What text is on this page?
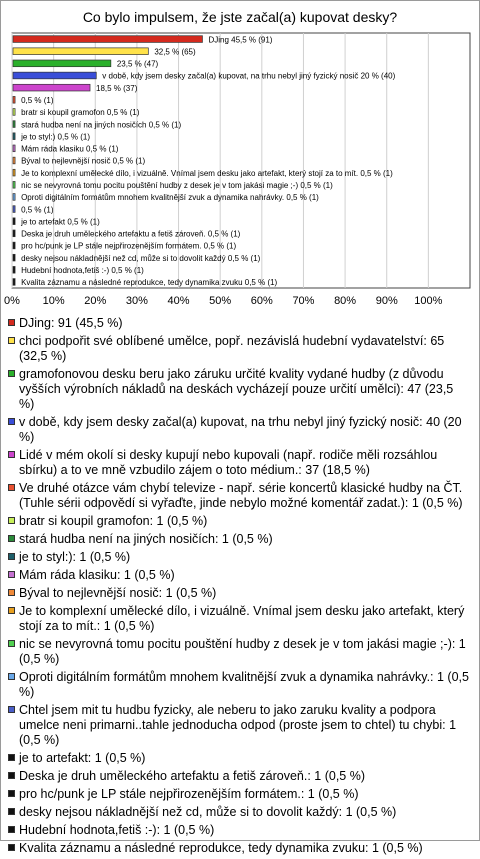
Co bylo impulsem, že jste začal(a) kupovat desky?
0% 10% 20% 30% 40% 50% 60% 70% 80% 90% 100%
DJing 45,5 % (91)
32,5 % (65)
23,5 % (47)
v době, kdy jsem desky začal(a) kupovat, na trhu nebyl jiný fyzický nosič 20 % (40)
18,5 % (37)
0,5 % (1)
bratr si koupil gramofon 0,5 % (1)
stará hudba není na jiných nosičích 0,5 % (1)
je to styl:) 0,5 % (1)
Mám ráda klasiku 0,5 % (1)
Býval to nejlevnější nosič 0,5 % (1)
Je to komplexní umělecké dílo, i vizuálně. Vnímal jsem desku jako artefakt, který stojí za to mít. 0,5 % (1)
nic se nevyrovná tomu pocitu pouštění hudby z desek je v tom jakási magie ;-) 0,5 % (1)
Oproti digitálním formátům mnohem kvalitnější zvuk a dynamika nahrávky. 0,5 % (1)
0,5 % (1)
je to artefakt 0,5 % (1)
Deska je druh uměleckého artefaktu a fetiš zároveň. 0,5 % (1)
pro hc/punk je LP stále nejpřirozenějším formátem. 0,5 % (1)
desky nejsou nákladnější než cd, může si to dovolit každý 0,5 % (1)
Hudební hodnota,fetiš :-) 0,5 % (1)
Kvalita záznamu a následné reprodukce, tedy dynamika zvuku 0,5 % (1)
DJing: 91 (45,5 %)
chci podpořit své oblíbené umělce, popř. nezávislá hudební vydavatelství: 65 (32,5 %)
gramofonovou desku beru jako záruku určité kvality vydané hudby (z důvodu vyšších výrobních nákladů na deskách vycházejí pouze určití umělci): 47 (23,5 %)
v době, kdy jsem desky začal(a) kupovat, na trhu nebyl jiný fyzický nosič: 40 (20 %)
Lidé v mém okolí si desky kupují nebo kupovali (např. rodiče měli rozsáhlou sbírku) a to ve mně vzbudilo zájem o toto médium.: 37 (18,5 %)
Ve druhé otázce vám chybí televize - např. série koncertů klasické hudby na ČT. (Tuhle sérii odpovědí si vyřaďte, jinde nebylo možné komentář zadat.): 1 (0,5 %)
bratr si koupil gramofon: 1 (0,5 %)
stará hudba není na jiných nosičích: 1 (0,5 %)
je to styl:): 1 (0,5 %)
Mám ráda klasiku: 1 (0,5 %)
Býval to nejlevnější nosič: 1 (0,5 %)
Je to komplexní umělecké dílo, i vizuálně. Vnímal jsem desku jako artefakt, který stojí za to mít.: 1 (0,5 %)
nic se nevyrovná tomu pocitu pouštění hudby z desek je v tom jakási magie ;-): 1 (0,5 %)
Oproti digitálním formátům mnohem kvalitnější zvuk a dynamika nahrávky.: 1 (0,5 %)
Chtel jsem mit tu hudbu fyzicky, ale neberu to jako zaruku kvality a podpora umelce neni primarni..tahle jednoducha odpod (proste jsem to chtel) tu chybi: 1 (0,5 %)
je to artefakt: 1 (0,5 %)
Deska je druh uměleckého artefaktu a fetiš zároveň.: 1 (0,5 %)
pro hc/punk je LP stále nejpřirozenějším formátem.: 1 (0,5 %)
desky nejsou nákladnější než cd, může si to dovolit každý: 1 (0,5 %)
Hudební hodnota,fetiš :-): 1 (0,5 %)
Kvalita záznamu a následné reprodukce, tedy dynamika zvuku: 1 (0,5 %)
